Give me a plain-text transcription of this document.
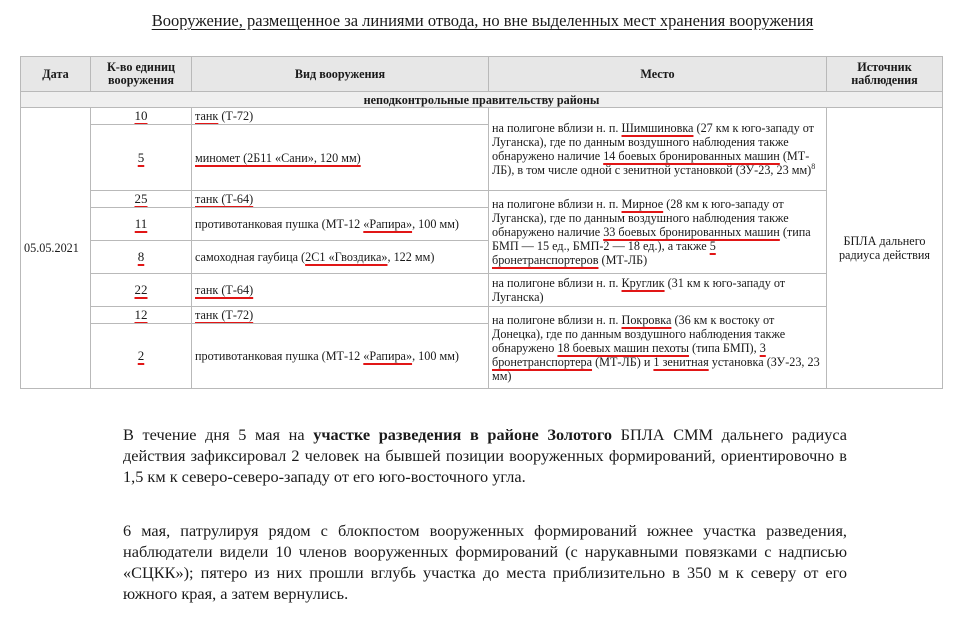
Вооружение, размещенное за линиями отвода, но вне выделенных мест хранения вооружения
Дата	К-во единиц вооружения	Вид вооружения	Место	Источник наблюдения
неподконтрольные правительству районы				
05.05.2021	10	танк (Т-72)	на полигоне вблизи н. п. Шимшиновка (27 км к юго-западу от Луганска), где по данным воздушного наблюдения также обнаружено наличие 14 боевых бронированных машин (МТ-ЛБ), в том числе одной с зенитной установкой (ЗУ-23, 23 мм)$^8$	БПЛА дальнего радиуса действия
	5	миномет (2Б11 «Сани», 120 мм)		
	25	танк (Т-64)	на полигоне вблизи н. п. Мирное (28 км к юго-западу от Луганска), где по данным воздушного наблюдения также обнаружено наличие 33 боевых бронированных машин (типа БМП — 15 ед., БМП-2 — 18 ед.), а также 5 бронетранспортеров (МТ-ЛБ)	
	11	противотанковая пушка (МТ-12 «Рапира», 100 мм)		
	8	самоходная гаубица (2С1 «Гвоздика», 122 мм)		
	22	танк (Т-64)	на полигоне вблизи н. п. Круглик (31 км к юго-западу от Луганска)	
	12	танк (Т-72)	на полигоне вблизи н. п. Покровка (36 км к востоку от Донецка), где по данным воздушного наблюдения также обнаружено 18 боевых машин пехоты (типа БМП), 3 бронетранспортера (МТ-ЛБ) и 1 зенитная установка (ЗУ-23, 23 мм)	
	2	противотанковая пушка (МТ-12 «Рапира», 100 мм)		

В течение дня 5 мая на участке разведения в районе Золотого БПЛА СММ дальнего радиуса действия зафиксировал 2 человек на бывшей позиции вооруженных формирований, ориентировочно в 1,5 км к северо-северо-западу от его юго-восточного угла.

6 мая, патрулируя рядом с блокпостом вооруженных формирований южнее участка разведения, наблюдатели видели 10 членов вооруженных формирований (с нарукавными повязками с надписью «СЦКК»); пятеро из них прошли вглубь участка до места приблизительно в 350 м к северу от его южного края, а затем вернулись.
